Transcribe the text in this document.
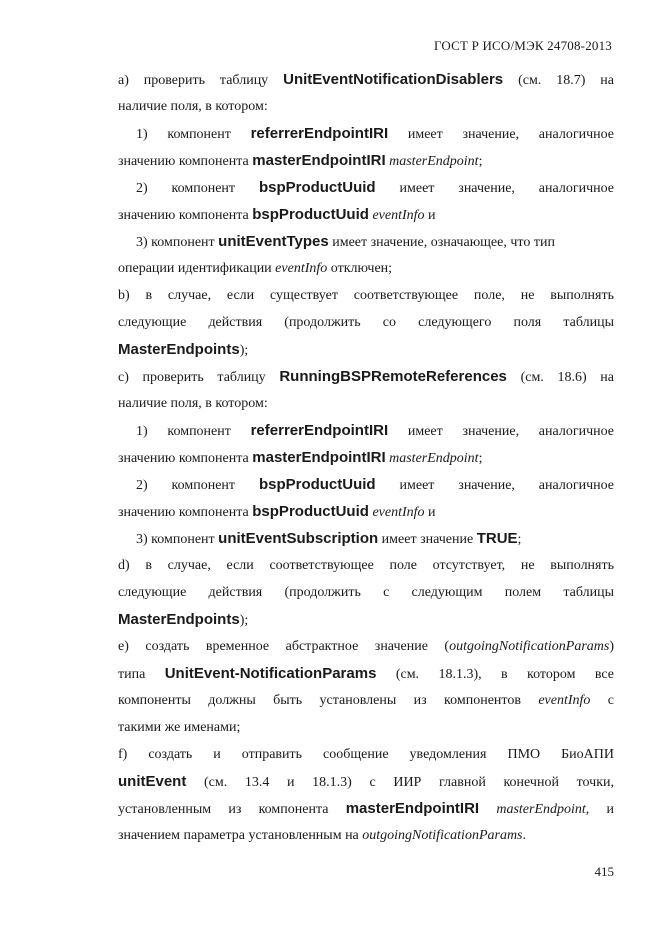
ГОСТ Р ИСО/МЭК 24708-2013
а) проверить таблицу UnitEventNotificationDisablers (см. 18.7) на
наличие поля, в котором:
1) компонент referrerEndpointIRI имеет значение, аналогичное
значению компонента masterEndpointIRI masterEndpoint;
2) компонент bspProductUuid имеет значение, аналогичное
значению компонента bspProductUuid eventInfo и
3) компонент unitEventTypes имеет значение, означающее, что тип
операции идентификации eventInfo отключен;
b) в случае, если существует соответствующее поле, не выполнять
следующие действия (продолжить со следующего поля таблицы
MasterEndpoints);
с) проверить таблицу RunningBSPRemoteReferences (см. 18.6) на
наличие поля, в котором:
1) компонент referrerEndpointIRI имеет значение, аналогичное
значению компонента masterEndpointIRI masterEndpoint;
2) компонент bspProductUuid имеет значение, аналогичное
значению компонента bspProductUuid eventInfo и
3) компонент unitEventSubscription имеет значение TRUE;
d) в случае, если соответствующее поле отсутствует, не выполнять
следующие действия (продолжить с следующим полем таблицы
MasterEndpoints);
е) создать временное абстрактное значение (outgoingNotificationParams)
типа UnitEvent-NotificationParams (см. 18.1.3), в котором все
компоненты должны быть установлены из компонентов eventInfo с
такими же именами;
f) создать и отправить сообщение уведомления ПМО БиоАПИ
unitEvent (см. 13.4 и 18.1.3) с ИИР главной конечной точки,
установленным из компонента masterEndpointIRI masterEndpoint, и
значением параметра установленным на outgoingNotificationParams.
415
